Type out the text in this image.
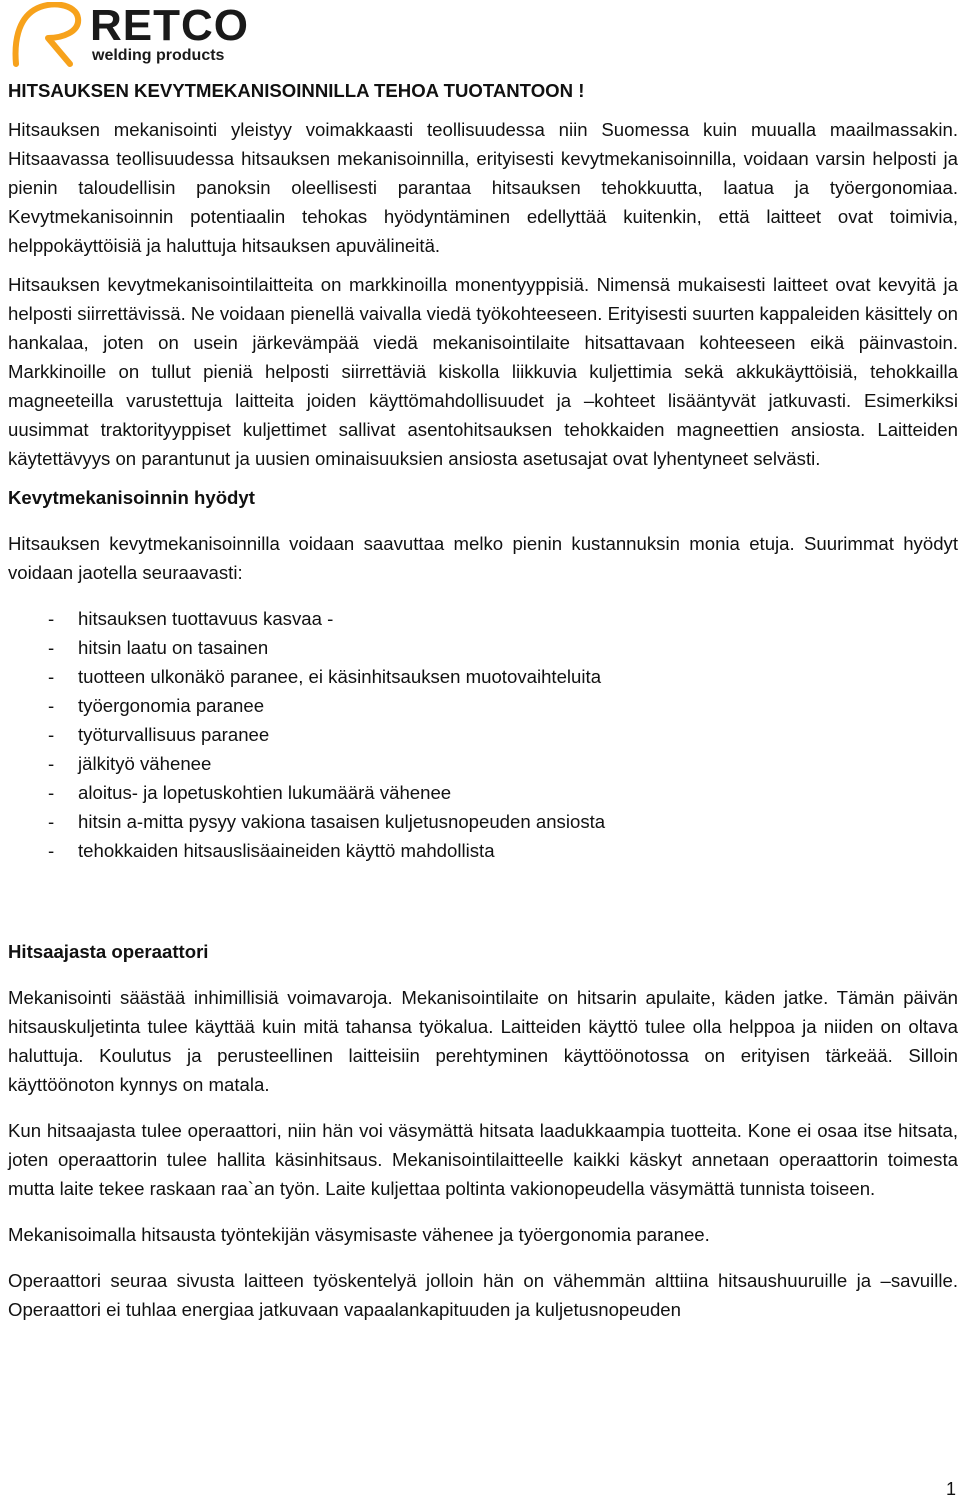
RETCO
welding products
HITSAUKSEN KEVYTMEKANISOINNILLA TEHOA TUOTANTOON !

Hitsauksen mekanisointi yleistyy voimakkaasti teollisuudessa niin Suomessa kuin muualla maailmassakin. Hitsaavassa teollisuudessa hitsauksen mekanisoinnilla, erityisesti kevytmekanisoinnilla, voidaan varsin helposti ja pienin taloudellisin panoksin oleellisesti parantaa hitsauksen tehokkuutta, laatua ja työergonomiaa. Kevytmekanisoinnin potentiaalin tehokas hyödyntäminen edellyttää kuitenkin, että laitteet ovat toimivia, helppokäyttöisiä ja haluttuja hitsauksen apuvälineitä.

Hitsauksen kevytmekanisointilaitteita on markkinoilla monentyyppisiä. Nimensä mukaisesti laitteet ovat kevyitä ja helposti siirrettävissä. Ne voidaan pienellä vaivalla viedä työkohteeseen. Erityisesti suurten kappaleiden käsittely on hankalaa, joten on usein järkevämpää viedä mekanisointilaite hitsattavaan kohteeseen eikä päinvastoin. Markkinoille on tullut pieniä helposti siirrettäviä kiskolla liikkuvia kuljettimia sekä akkukäyttöisiä, tehokkailla magneeteilla varustettuja laitteita joiden käyttömahdollisuudet ja –kohteet lisääntyvät jatkuvasti. Esimerkiksi uusimmat traktorityyppiset kuljettimet sallivat asentohitsauksen tehokkaiden magneettien ansiosta. Laitteiden käytettävyys on parantunut ja uusien ominaisuuksien ansiosta asetusajat ovat lyhentyneet selvästi.

Kevytmekanisoinnin hyödyt

Hitsauksen kevytmekanisoinnilla voidaan saavuttaa melko pienin kustannuksin monia etuja. Suurimmat hyödyt voidaan jaotella seuraavasti:

- hitsauksen tuottavuus kasvaa -
- hitsin laatu on tasainen
- tuotteen ulkonäkö paranee, ei käsinhitsauksen muotovaihteluita
- työergonomia paranee
- työturvallisuus paranee
- jälkityö vähenee
- aloitus- ja lopetuskohtien lukumäärä vähenee
- hitsin a-mitta pysyy vakiona tasaisen kuljetusnopeuden ansiosta
- tehokkaiden hitsauslisäaineiden käyttö mahdollista
Hitsaajasta operaattori

Mekanisointi säästää inhimillisiä voimavaroja. Mekanisointilaite on hitsarin apulaite, käden jatke. Tämän päivän hitsauskuljetinta tulee käyttää kuin mitä tahansa työkalua. Laitteiden käyttö tulee olla helppoa ja niiden on oltava haluttuja. Koulutus ja perusteellinen laitteisiin perehtyminen käyttöönotossa on erityisen tärkeää. Silloin käyttöönoton kynnys on matala.

Kun hitsaajasta tulee operaattori, niin hän voi väsymättä hitsata laadukkaampia tuotteita. Kone ei osaa itse hitsata, joten operaattorin tulee hallita käsinhitsaus. Mekanisointilaitteelle kaikki käskyt annetaan operaattorin toimesta mutta laite tekee raskaan raa`an työn. Laite kuljettaa poltinta vakionopeudella väsymättä tunnista toiseen.

Mekanisoimalla hitsausta työntekijän väsymisaste vähenee ja työergonomia paranee.

Operaattori seuraa sivusta laitteen työskentelyä jolloin hän on vähemmän alttiina hitsaushuuruille ja –savuille. Operaattori ei tuhlaa energiaa jatkuvaan vapaalankapituuden ja kuljetusnopeuden

1
